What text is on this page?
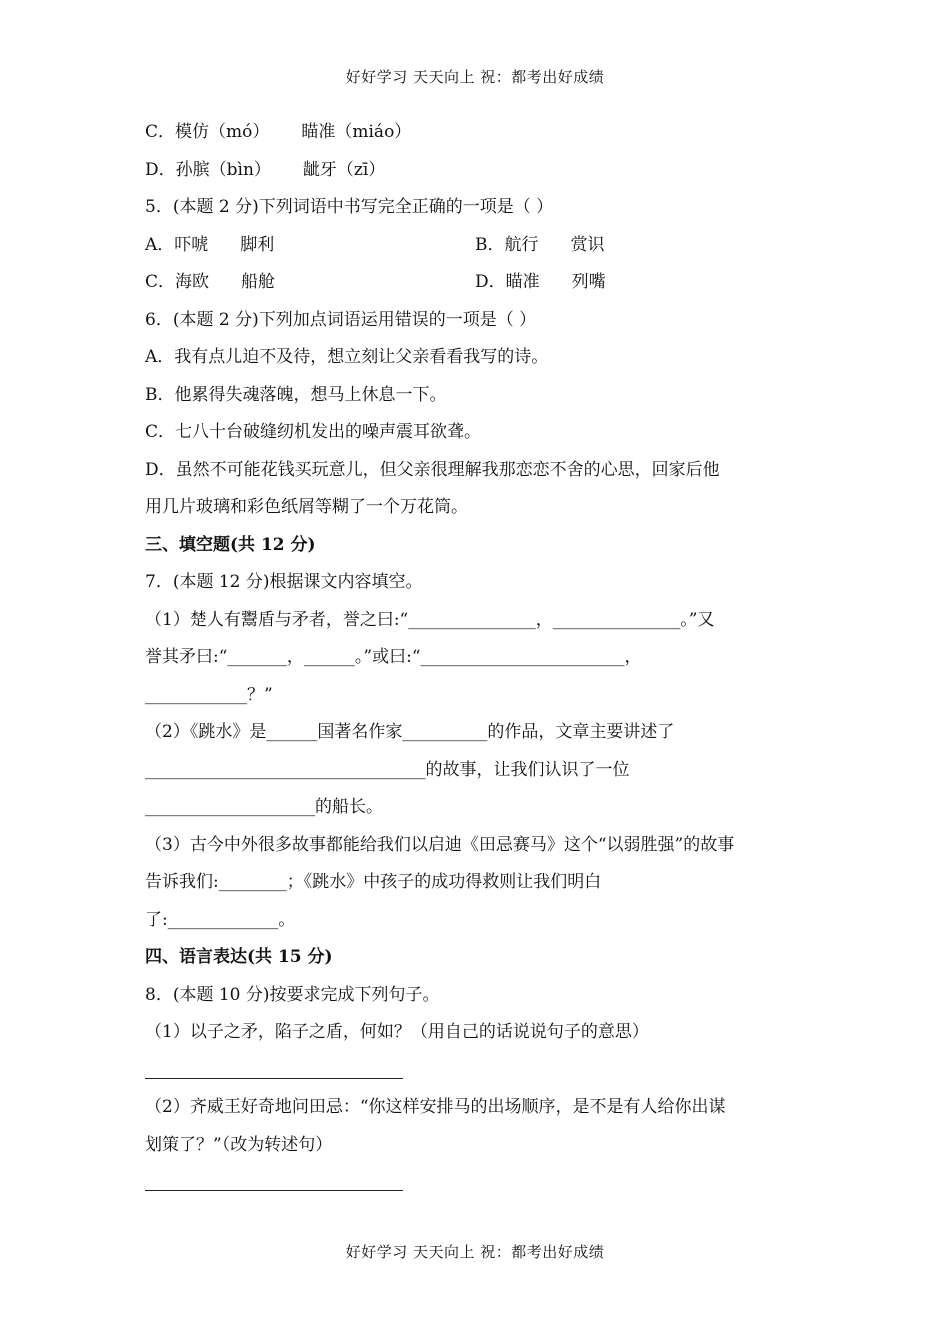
好好学习 天天向上 祝：都考出好成绩
C．模仿（mó） 瞄准（miáo）
D．孙膑（bìn） 龇牙（zī）
5．(本题 2 分)下列词语中书写完全正确的一项是（ ）
A．吓唬 脚利	B．航行 赏识
C．海欧 船舱	D．瞄准 列嘴
6．(本题 2 分)下列加点词语运用错误的一项是（ ）
A．我有点儿迫不及待，想立刻让父亲看看我写的诗。
B．他累得失魂落魄，想马上休息一下。
C．七八十台破缝纫机发出的噪声震耳欲聋。
D．虽然不可能花钱买玩意儿，但父亲很理解我那恋恋不舍的心思，回家后他
用几片玻璃和彩色纸屑等糊了一个万花筒。
三、填空题(共 12 分)
7．(本题 12 分)根据课文内容填空。
（1）楚人有鬻盾与矛者，誉之曰:“_______________，_______________。”又
誉其矛曰:“_______，______。”或曰:“________________________，
____________？”
（2）《跳水》是______国著名作家__________的作品，文章主要讲述了
_________________________________的故事，让我们认识了一位
____________________的船长。
（3）古今中外很多故事都能给我们以启迪《田忌赛马》这个“以弱胜强”的故事
告诉我们:________；《跳水》中孩子的成功得救则让我们明白
了:_____________。
四、语言表达(共 15 分)
8．(本题 10 分)按要求完成下列句子。
（1）以子之矛，陷子之盾，何如？（用自己的话说说句子的意思）
（2）齐威王好奇地问田忌：“你这样安排马的出场顺序，是不是有人给你出谋
划策了？”（改为转述句）
好好学习 天天向上 祝：都考出好成绩
